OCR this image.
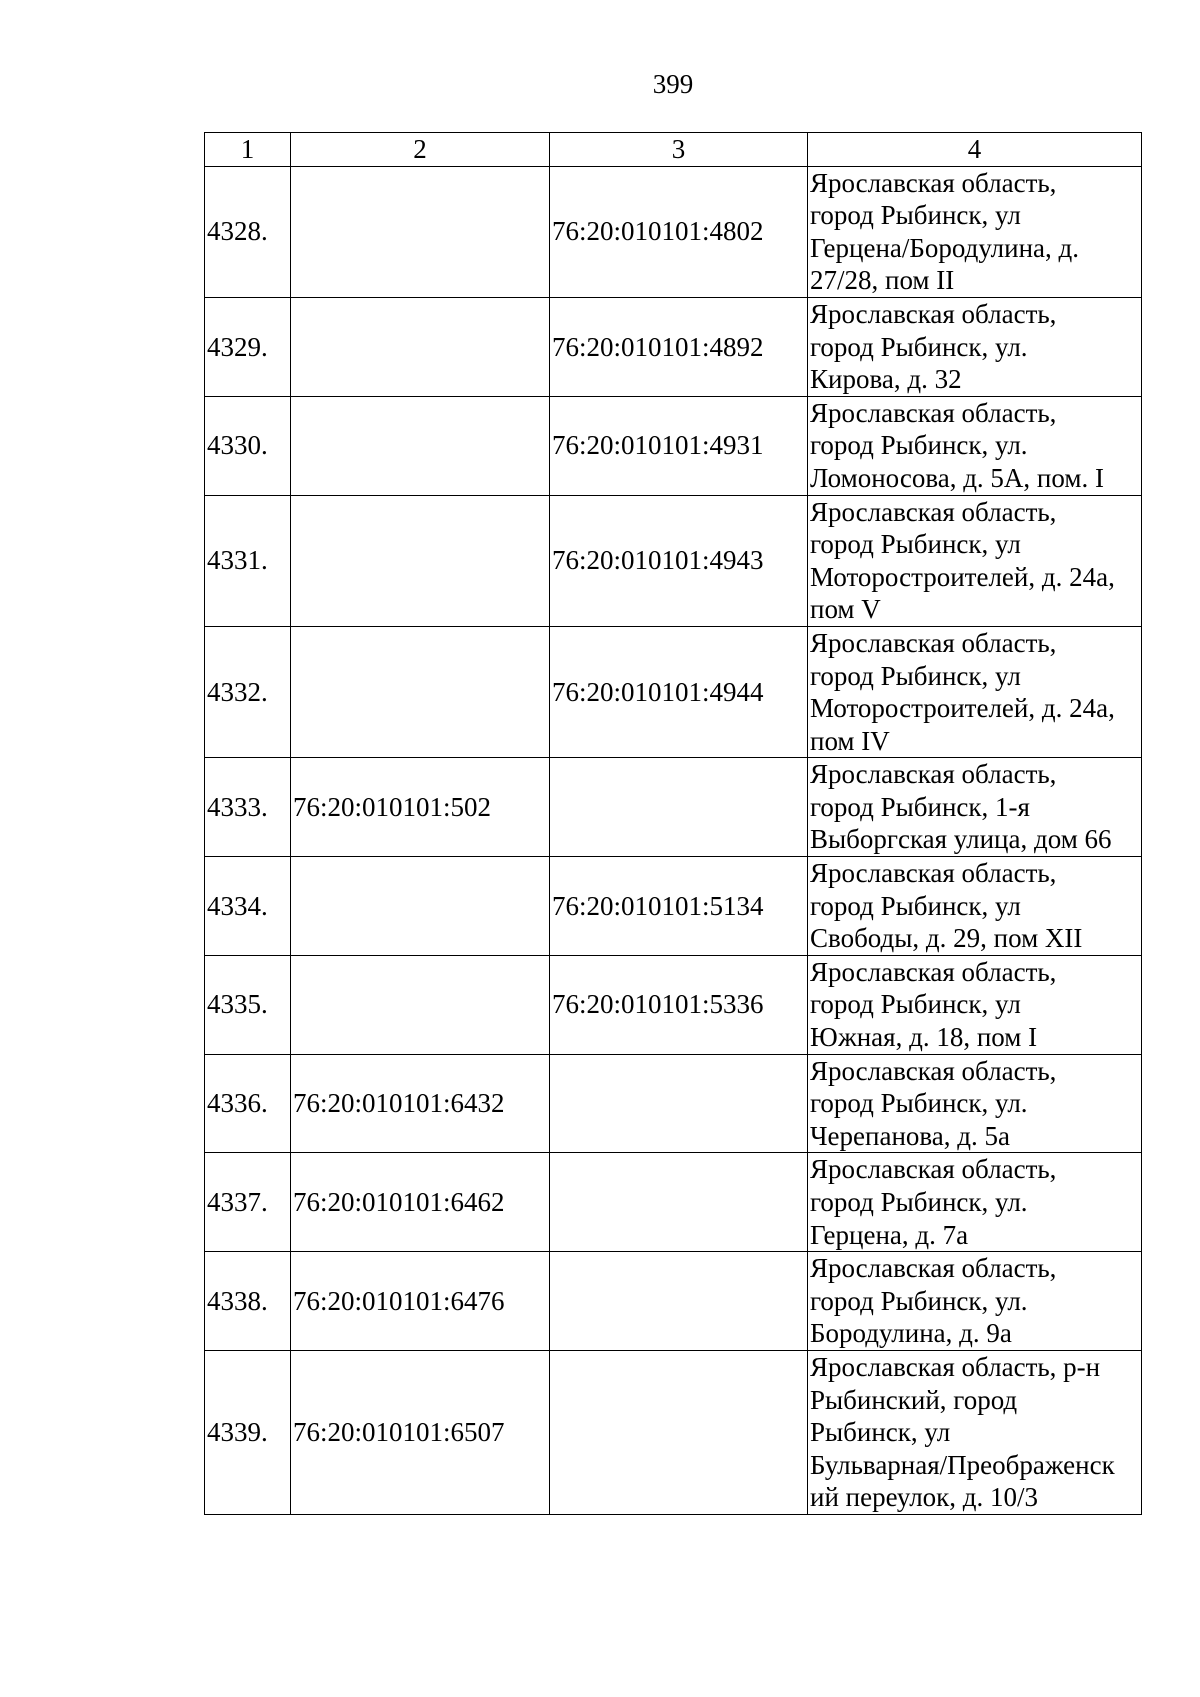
399
1	2	3	4
4328.		76:20:010101:4802	Ярославская область,
город Рыбинск, ул
Герцена/Бородулина, д.
27/28, пом II
4329.		76:20:010101:4892	Ярославская область,
город Рыбинск, ул.
Кирова, д. 32
4330.		76:20:010101:4931	Ярославская область,
город Рыбинск, ул.
Ломоносова, д. 5А, пом. I
4331.		76:20:010101:4943	Ярославская область,
город Рыбинск, ул
Моторостроителей, д. 24а,
пом V
4332.		76:20:010101:4944	Ярославская область,
город Рыбинск, ул
Моторостроителей, д. 24а,
пом IV
4333.	76:20:010101:502		Ярославская область,
город Рыбинск, 1-я
Выборгская улица, дом 66
4334.		76:20:010101:5134	Ярославская область,
город Рыбинск, ул
Свободы, д. 29, пом XII
4335.		76:20:010101:5336	Ярославская область,
город Рыбинск, ул
Южная, д. 18, пом I
4336.	76:20:010101:6432		Ярославская область,
город Рыбинск, ул.
Черепанова, д. 5а
4337.	76:20:010101:6462		Ярославская область,
город Рыбинск, ул.
Герцена, д. 7а
4338.	76:20:010101:6476		Ярославская область,
город Рыбинск, ул.
Бородулина, д. 9а
4339.	76:20:010101:6507		Ярославская область, р-н
Рыбинский, город
Рыбинск, ул
Бульварная/Преображенск
ий переулок, д. 10/3
